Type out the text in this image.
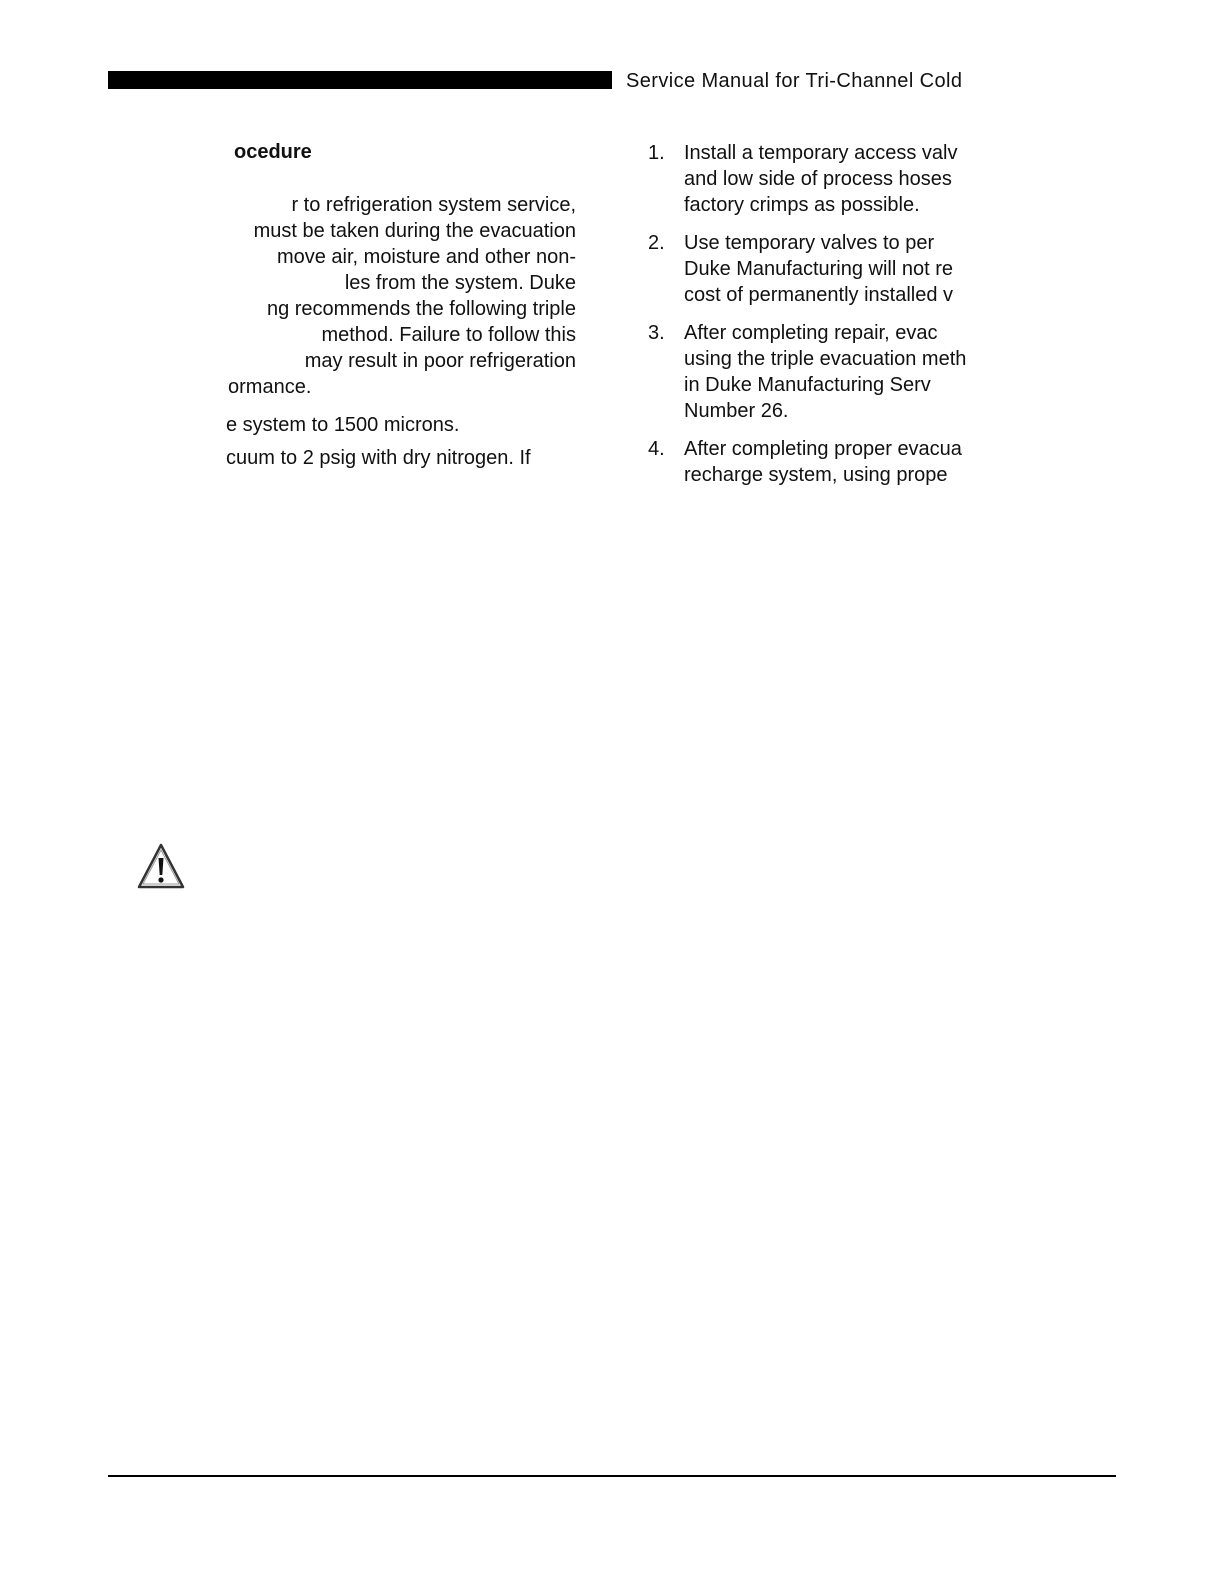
Service Manual for Tri-Channel Cold
ocedure
r to refrigeration system service,
must be taken during the evacuation
move air, moisture and other non-
les from the system. Duke
ng recommends the following triple
method. Failure to follow this
may result in poor refrigeration
ormance.
e system to 1500 microns.
cuum to 2 psig with dry nitrogen. If
1. Install a temporary access valv
and low side of process hoses
factory crimps as possible.
2. Use temporary valves to per
Duke Manufacturing will not re
cost of permanently installed v
3. After completing repair, evac
using the triple evacuation meth
in Duke Manufacturing Serv
Number 26.
4. After completing proper evacua
recharge system, using prope
